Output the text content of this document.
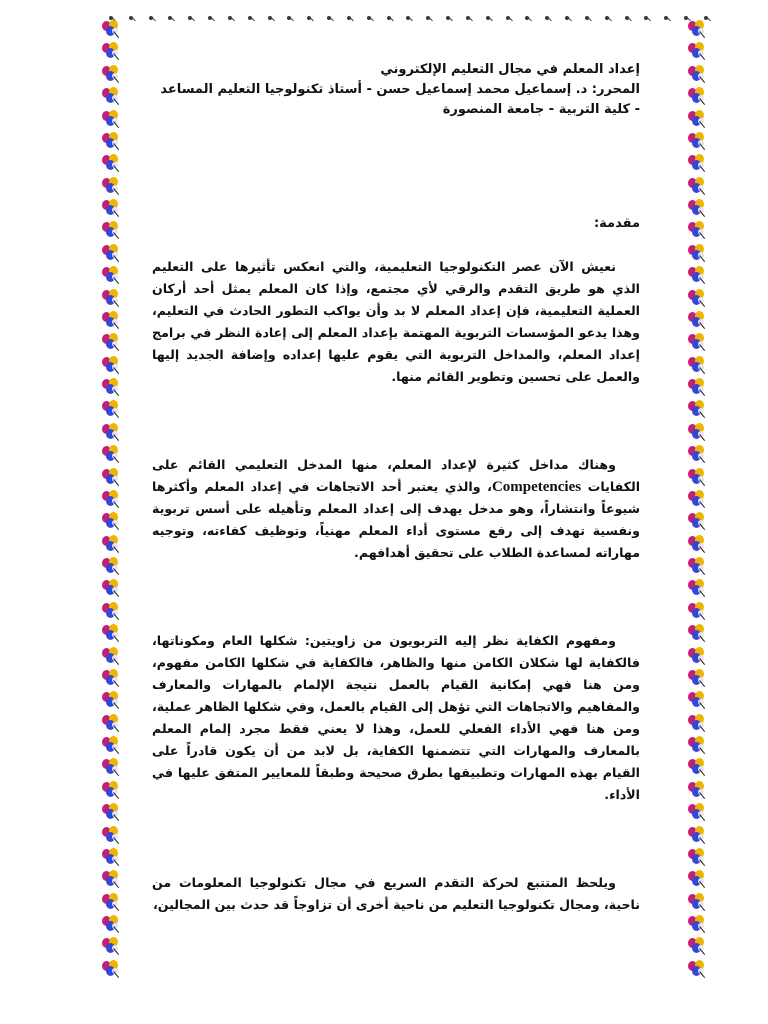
إعداد المعلم في مجال التعليم الإلكتروني

المحرر: د. إسماعيل محمد إسماعيل حسن - أستاذ تكنولوجيا التعليم المساعد

- كلية التربية - جامعة المنصورة

مقدمة:

نعيش الآن عصر التكنولوجيا التعليمية، والتي انعكس تأثيرها على التعليم الذي هو طريق التقدم والرقي لأي مجتمع، وإذا كان المعلم يمثل أحد أركان العملية التعليمية، فإن إعداد المعلم لا بد وأن يواكب التطور الحادث في التعليم، وهذا يدعو المؤسسات التربوية المهتمة بإعداد المعلم إلى إعادة النظر في برامج إعداد المعلم، والمداخل التربوية التي يقوم عليها إعداده وإضافة الجديد إليها والعمل على تحسين وتطوير القائم منها.

وهناك مداخل كثيرة لإعداد المعلم، منها المدخل التعليمي القائم على الكفايات Competencies، والذي يعتبر أحد الاتجاهات في إعداد المعلم وأكثرها شيوعاً وانتشاراً، وهو مدخل يهدف إلى إعداد المعلم وتأهيله على أسس تربوية ونفسية تهدف إلى رفع مستوى أداء المعلم مهنياً، وتوظيف كفاءته، وتوجيه مهاراته لمساعدة الطلاب على تحقيق أهدافهم.

ومفهوم الكفاية نظر إليه التربويون من زاويتين: شكلها العام ومكوناتها، فالكفاية لها شكلان الكامن منها والظاهر، فالكفاية في شكلها الكامن مفهوم، ومن هنا فهي إمكانية القيام بالعمل نتيجة الإلمام بالمهارات والمعارف والمفاهيم والاتجاهات التي تؤهل إلى القيام بالعمل، وفي شكلها الظاهر عملية، ومن هنا فهي الأداء الفعلي للعمل، وهذا لا يعني فقط مجرد إلمام المعلم بالمعارف والمهارات التي تتضمنها الكفاية، بل لابد من أن يكون قادراً على القيام بهذه المهارات وتطبيقها بطرق صحيحة وطبقاً للمعايير المتفق عليها في الأداء.

ويلحظ المتتبع لحركة التقدم السريع في مجال تكنولوجيا المعلومات من ناحية، ومجال تكنولوجيا التعليم من ناحية أخرى أن تزاوجاً قد حدث بين المجالين،
